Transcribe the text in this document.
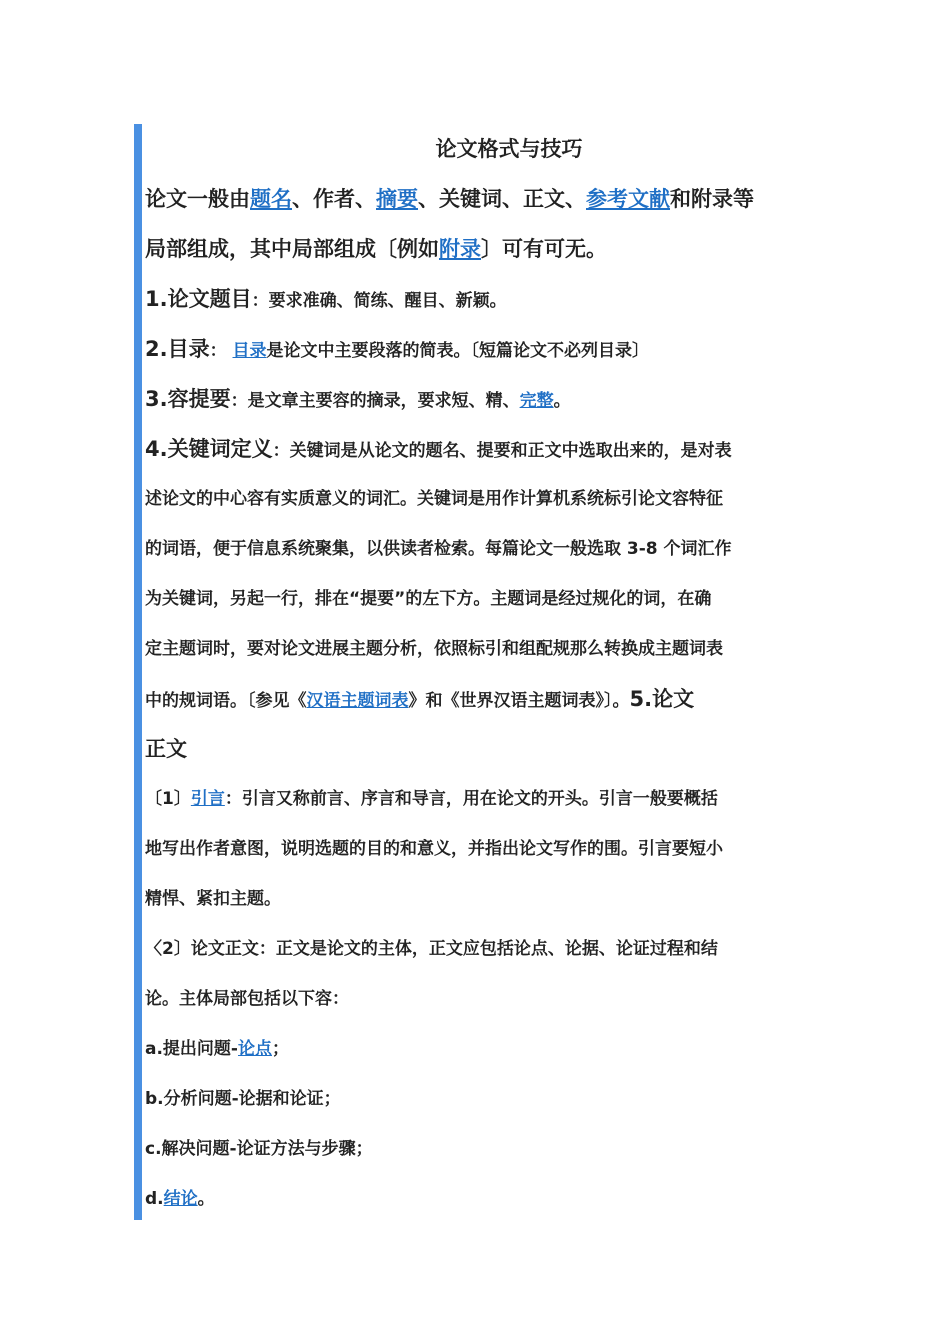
论文格式与技巧
论文一般由题名、作者、摘要、关键词、正文、参考文献和附录等
局部组成，其中局部组成〔例如附录〕可有可无。
1.论文题目：要求准确、简练、醒目、新颖。
2.目录： 目录是论文中主要段落的简表。〔短篇论文不必列目录〕
3.容提要：是文章主要容的摘录，要求短、精、完整。
4.关键词定义：关键词是从论文的题名、提要和正文中选取出来的，是对表
述论文的中心容有实质意义的词汇。关键词是用作计算机系统标引论文容特征
的词语，便于信息系统聚集，以供读者检索。每篇论文一般选取 3-8 个词汇作
为关键词，另起一行，排在“提要”的左下方。主题词是经过规化的词，在确
定主题词时，要对论文进展主题分析，依照标引和组配规那么转换成主题词表
中的规词语。〔参见《汉语主题词表》和《世界汉语主题词表》〕。5.论文
正文
〔1〕引言：引言又称前言、序言和导言，用在论文的开头。引言一般要概括
地写出作者意图，说明选题的目的和意义，并指出论文写作的围。引言要短小
精悍、紧扣主题。
〈2〕论文正文：正文是论文的主体，正文应包括论点、论据、论证过程和结
论。主体局部包括以下容：
a.提出问题-论点；
b.分析问题-论据和论证；
c.解决问题-论证方法与步骤；
d.结论。
